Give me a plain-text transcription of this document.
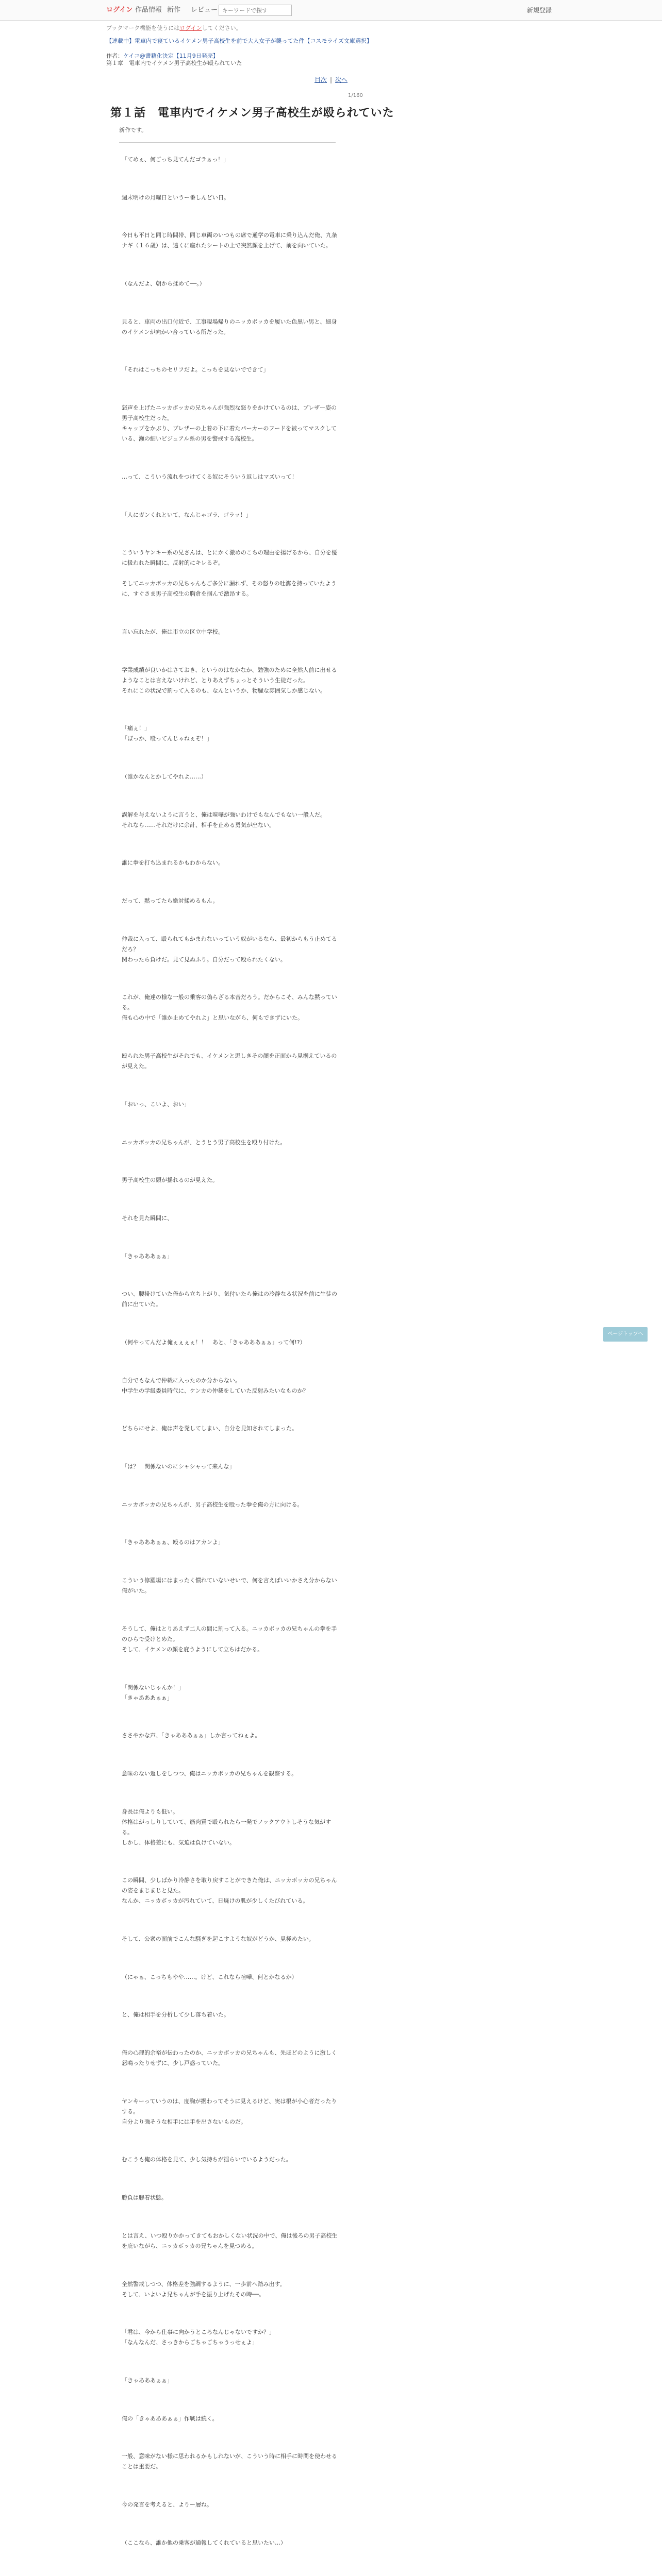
ログイン 作品情報 新作 レビュー
キーワードで探す	新規登録
ブックマーク機能を使うにはログインしてください。
【連載中】電車内で寝ているイケメン男子高校生を前で大人女子が襲ってた件【コスモライズ文庫選択】
作者：ケイコ@書籍化決定【11月9日発売】
第１章　電車内でイケメン男子高校生が殴られていた
目次 | 次へ
1/160
第１話　電車内でイケメン男子高校生が殴られていた
新作です。
「てめぇ、何ごっち見てんだゴラぁっ！」
週末明けの月曜日というー番しんどい日。
今日も平日と同じ時間帯、同じ車両のいつもの席で通学の電車に乗り込んだ俺、九条ナギ（１６歳）は、遠くに座れたシートの上で突然顔を上げて、前を向いていた。
（なんだよ、朝から揉めて──。）
見ると、車両の出口付近で、工事現場帰りのニッカボッカを履いた色黒い男と、細身のイケメンが向かい合っている所だった。
「それはこっちのセリフだよ。こっちを見ないでできて」
怒声を上げたニッカボッカの兄ちゃんが強烈な怒りをかけているのは、ブレザー姿の男子高校生だった。
キャップをかぶり、ブレザーの上着の下に着たパーカーのフードを被ってマスクしている、瀬の細いビジュアル系の男を警戒する高校生。
…って、こういう流れをつけてくる奴にそういう返しはマズいって！
「人にガンくれといて、なんじゃゴラ、ゴラッ！」
こういうヤンキー系の兄さんは、とにかく激めのこちの理由を揚げるから、自分を優に扱われた瞬間に、反射的にキレるぞ。

そしてニッカボッカの兄ちゃんもご多分に漏れず、その怒りの吐瀉を持っていたように、すぐさま男子高校生の胸倉を掴んで激昂する。
言い忘れたが、俺は市立の区立中学校。
学業成績が良いかはさておき、というのはなかなか、勉強のために全然人前に出せるようなことは言えないけれど、とりあえずちょっとそういう生徒だった。
それにこの状況で割って入るのも、なんというか、物騒な雰囲気しか感じない。
「痛ぇ！」
「ぼっか、殴ってんじゃねぇぞ！」
（誰かなんとかしてやれよ……）
誤解を与えないように言うと、俺は喧嘩が強いわけでもなんでもない一般人だ。
それなら……それだけに余計、相手を止める勇気が出ない。
誰に拳を打ち込まれるかもわからない。
だって、黙ってたら絶対揉めるもん。
仲裁に入って、殴られてもかまわないっていう奴がいるなら、最初からもう止めてるだろ？
関わったら負けだ。見て見ぬふり。自分だって殴られたくない。
これが、俺達の様な一般の乗客の偽らざる本音だろう。だからこそ、みんな黙っている。
俺も心の中で「誰か止めてやれよ」と思いながら、何もできずにいた。
殴られた男子高校生がそれでも、イケメンと思しきその顔を正面から見据えているのが見えた。
「おいっ、こいよ、おい」
ニッカボッカの兄ちゃんが、とうとう男子高校生を殴り付けた。
男子高校生の頭が揺れるのが見えた。
それを見た瞬間に、
「きゃあああぁぁ」
つい、腰掛けていた俺から立ち上がり、気付いたら俺はの冷静なる状況を前に生徒の前に出ていた。
（何やってんだよ俺ぇぇぇぇ！！　あと、「きゃあああぁぁ」って何!?）
自分でもなんで仲裁に入ったのか分からない。
中学生の学級委員時代に、ケンカの仲裁をしていた反射みたいなものか？
どちらにせよ、俺は声を発してしまい、自分を見知されてしまった。
「は？　関係ないのにシャシャって来んな」
ニッカボッカの兄ちゃんが、男子高校生を殴った拳を俺の方に向ける。
「きゃあああぁぁ、殴るのはアカンよ」
こういう修羅場にはまったく慣れていないせいで、何を言えばいいかさえ分からない俺がいた。
そうして、俺はとりあえず二人の間に割って入る。ニッカボッカの兄ちゃんの拳を手のひらで受けとめた。
そして、イケメンの顔を庇うようにして立ちはだかる。
「関係ないじゃんか！」
「きゃあああぁぁ」
ささやかな声、「きゃあああぁぁ」しか言ってねぇよ。
意味のない返しをしつつ、俺はニッカボッカの兄ちゃんを観察する。
身長は俺よりも低い。
体格はがっしりしていて、筋肉質で殴られたら一発でノックアウトしそうな気がする。
しかし、体格差にも、気迫は負けていない。
この瞬間、少しばかり冷静さを取り戻すことができた俺は、ニッカボッカの兄ちゃんの姿をまじまじと見た。
なんか、ニッカボッカが汚れていて、日焼けの肌が少しくたびれている。
そして、公衆の面前でこんな騒ぎを起こすような奴がどうか、見極めたい。
（にゃぁ、こっちもやや……。けど、これなら喧嘩、何とかなるか）
と、俺は相手を分析して少し落ち着いた。
俺の心理的余裕が伝わったのか、ニッカボッカの兄ちゃんも、先ほどのように激しく怒鳴ったりせずに、少し戸惑っていた。
ヤンキーっていうのは、度胸が据わってそうに見えるけど、実は根が小心者だったりする。
自分より強そうな相手には手を出さないものだ。
むこうも俺の体格を見て、少し気持ちが揺らいでいるようだった。
勝負は膠着状態。
とは言え、いつ殴りかかってきてもおかしくない状況の中で、俺は後ろの男子高校生を庇いながら、ニッカボッカの兄ちゃんを見つめる。
全然警戒しつつ、体格差を強調するように、一歩前へ踏み出す。
そして、いよいよ兄ちゃんが手を振り上げたその時──。
「君は、今から仕事に向かうところなんじゃないですか？」
「なんなんだ、さっきからごちゃごちゃうっせぇよ」
「きゃあああぁぁ」
俺の「きゃあああぁぁ」作戦は続く。
一般、意味がない様に思われるかもしれないが、こういう時に相手に時間を使わせることは重要だ。
今の発言を考えると、よりー層ね。
（ここなら、誰か他の乗客が通報してくれていると思いたい…）
ページトップへ
